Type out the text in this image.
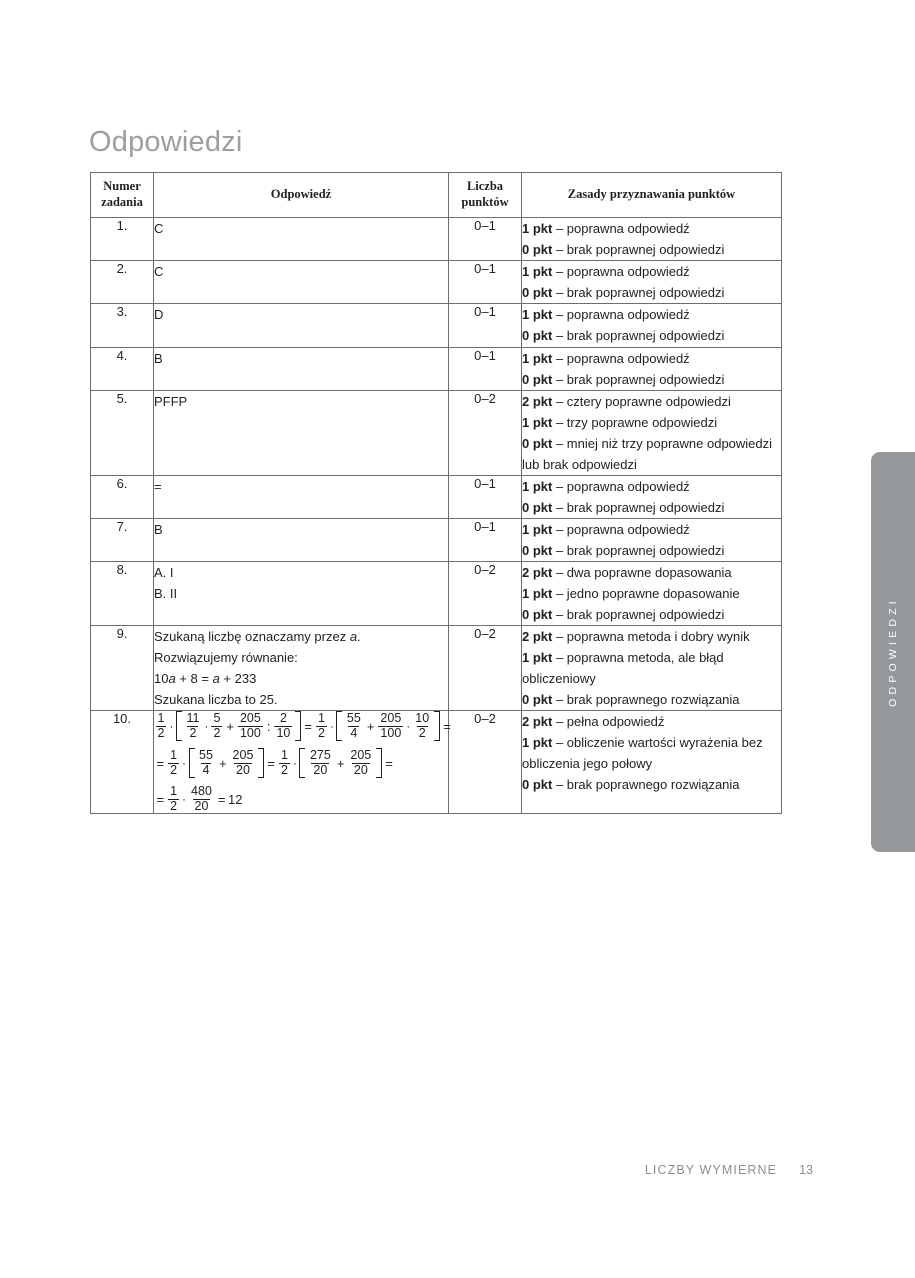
Odpowiedzi
Numer
zadania	Odpowiedź	Liczba
punktów	Zasady przyznawania punktów
1.	C	0–1	1 pkt – poprawna odpowiedź
0 pkt – brak poprawnej odpowiedzi

2.	C	0–1	1 pkt – poprawna odpowiedź
0 pkt – brak poprawnej odpowiedzi

3.	D	0–1	1 pkt – poprawna odpowiedź
0 pkt – brak poprawnej odpowiedzi

4.	B	0–1	1 pkt – poprawna odpowiedź
0 pkt – brak poprawnej odpowiedzi

5.	PFFP	0–2	2 pkt – cztery poprawne odpowiedzi
1 pkt – trzy poprawne odpowiedzi
0 pkt – mniej niż trzy poprawne odpowiedzi lub brak odpowiedzi

6.	=	0–1	1 pkt – poprawna odpowiedź
0 pkt – brak poprawnej odpowiedzi

7.	B	0–1	1 pkt – poprawna odpowiedź
0 pkt – brak poprawnej odpowiedzi

8.	A. I
B. II	0–2	2 pkt – dwa poprawne dopasowania
1 pkt – jedno poprawne dopasowanie
0 pkt – brak poprawnej odpowiedzi

9.	Szukaną liczbę oznaczamy przez a.
Rozwiązujemy równanie:
10a + 8 = a + 233
Szukana liczba to 25.	0–2	2 pkt – poprawna metoda i dobry wynik
1 pkt – poprawna metoda, ale błąd obliczeniowy
0 pkt – brak poprawnego rozwiązania

10.	$\frac{1}{2} \cdot \frac{11}{2} \cdot \frac{5}{2} + \frac{205}{100}$ : $\frac{2}{10} = \frac{1}{2} \cdot \frac{55}{4} + \frac{205}{100} \cdot \frac{10}{2}$ =
= $\frac{1}{2} \cdot \frac{55}{4} + \frac{205}{20} = \frac{1}{2} \cdot \frac{275}{20} + \frac{205}{20}$ =
= $\frac{1}{2} \cdot \frac{480}{20} = 12$
	0–2	2 pkt – pełna odpowiedź
1 pkt – obliczenie wartości wyrażenia bez obliczenia jego połowy
0 pkt – brak poprawnego rozwiązania
LICZBY WYMIERNE 13
ODPOWIEDZI
